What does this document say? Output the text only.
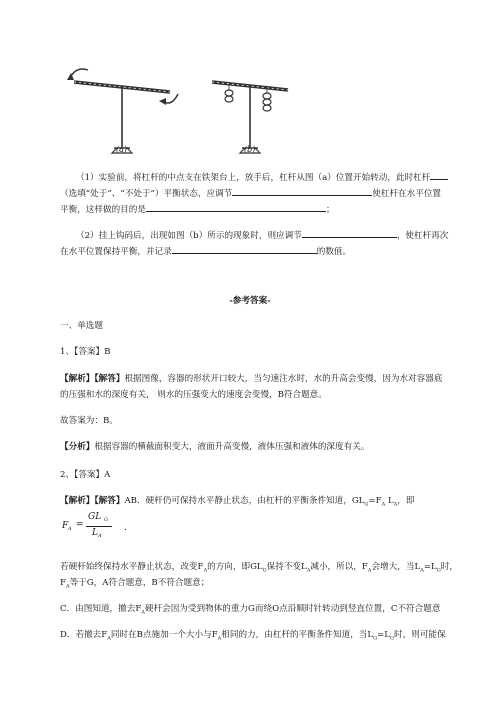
(a)	(b)
（1）实验前，将杠杆的中点支在铁架台上，放手后，杠杆从图（a）位置开始转动，此时杠杆
（选填“处于”、“不处于”）平衡状态，应调节	使杠杆在水平位置
平衡，这样做的目的是	；
（2）挂上钩码后，出现如图（b）所示的现象时，则应调节	，使杠杆再次
在水平位置保持平衡，并记录	的数值。
-参考答案-
一、单选题
1、【答案】B
【解析】【解答】根据图像，容器的形状开口较大，当匀速注水时，水的升高会变慢，因为水对容器底
的压强和水的深度有关， 则水的压强变大的速度会变慢，B符合题意。
故答案为：B。
【分析】根据容器的横截面积变大，液面升高变慢，液体压强和液体的深度有关。
2、【答案】A
【解析】【解答】AB．硬杆仍可保持水平静止状态，由杠杆的平衡条件知道，$GL_G=F_A$ $L_A$，即
F A =
GL G
L A
.
若硬杆始终保持水平静止状态，改变$F_A$的方向，即$GL_G$保持不变$L_A$减小，所以，$F_A$会增大，当$L_A=L_G$时，
$F_A$等于G，A符合题意，B不符合题意；
C．由图知道，撤去$F_A$硬杆会因为受到物体的重力G而绕O点沿顺时针转动到竖直位置，C不符合题意
D．若撤去$F_A$同时在B点施加一个大小与$F_A$相同的力，由杠杆的平衡条件知道，当$L_G=L_G$时，则可能保
